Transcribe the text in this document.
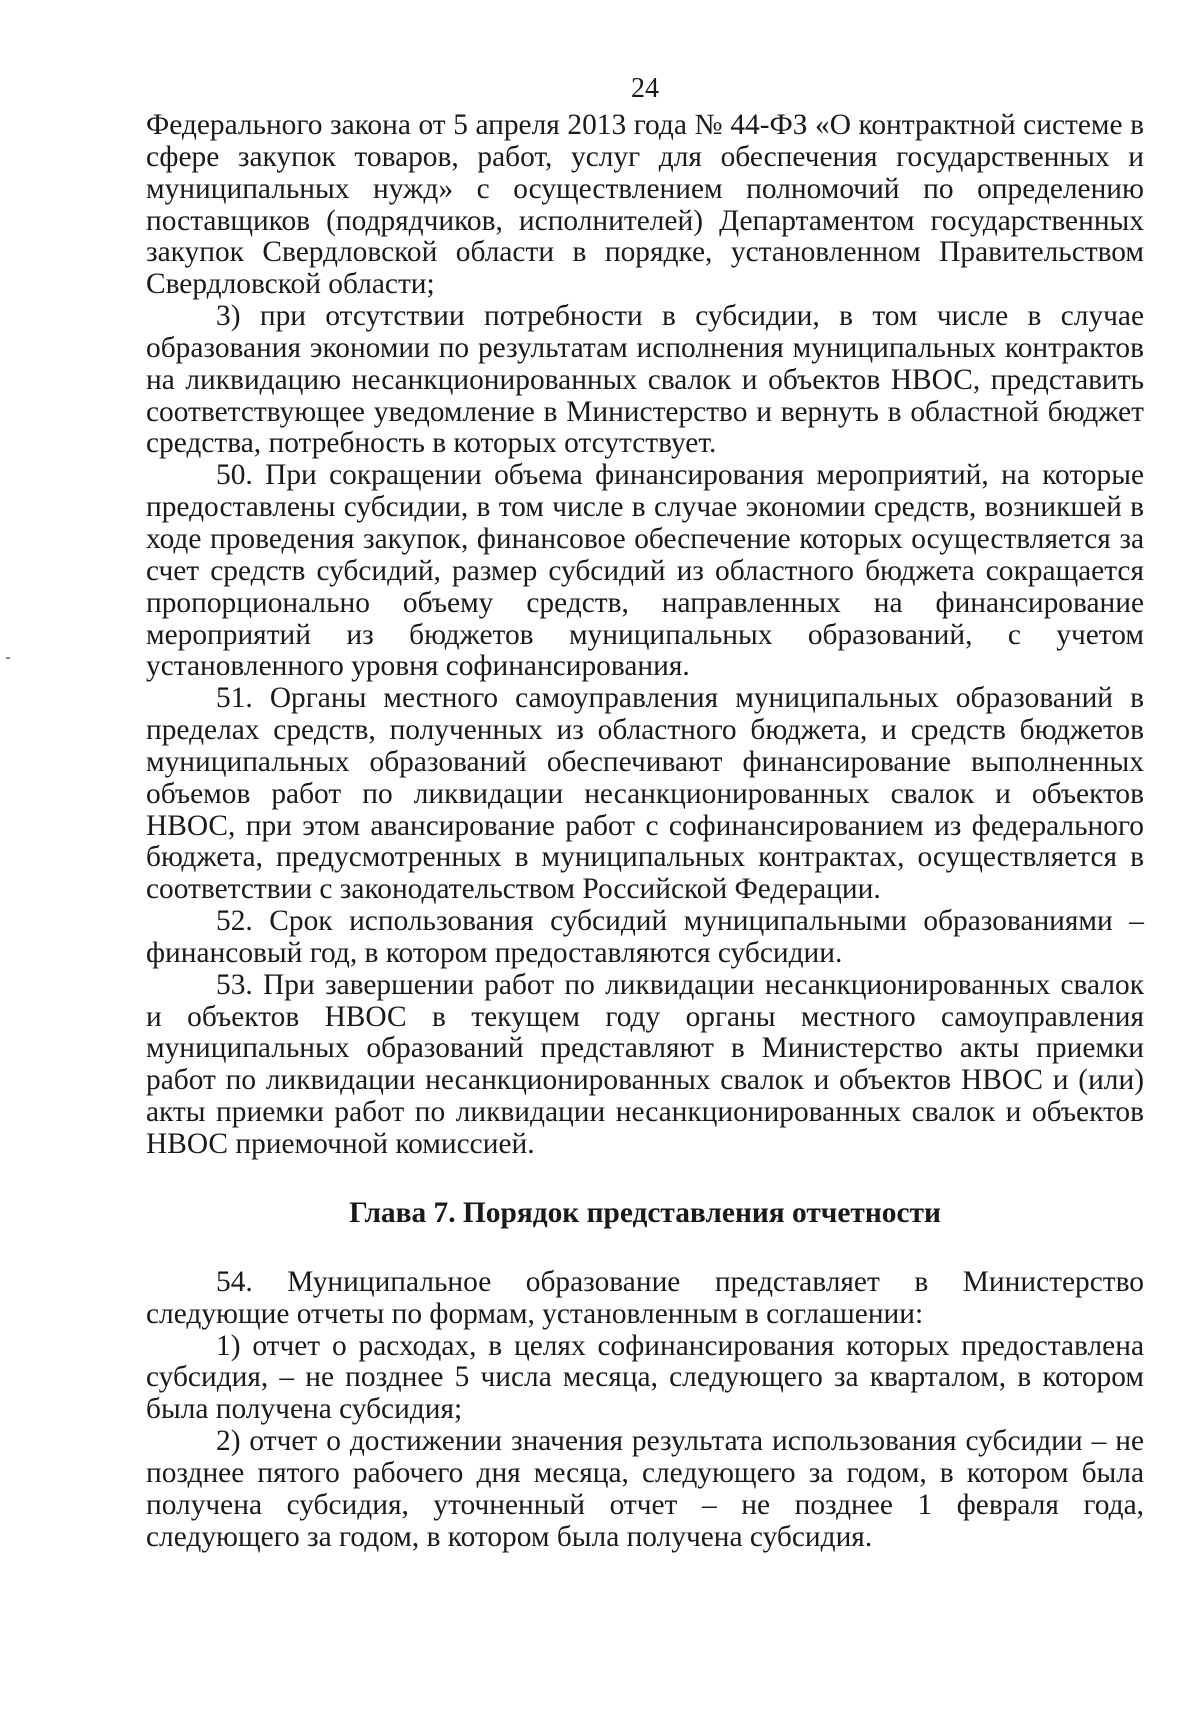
24

Федерального закона от 5 апреля 2013 года № 44-ФЗ «О контрактной системе в сфере закупок товаров, работ, услуг для обеспечения государственных и муниципальных нужд» с осуществлением полномочий по определению поставщиков (подрядчиков, исполнителей) Департаментом государственных закупок Свердловской области в порядке, установленном Правительством Свердловской области;

3) при отсутствии потребности в субсидии, в том числе в случае образования экономии по результатам исполнения муниципальных контрактов на ликвидацию несанкционированных свалок и объектов НВОС, представить соответствующее уведомление в Министерство и вернуть в областной бюджет средства, потребность в которых отсутствует.

50. При сокращении объема финансирования мероприятий, на которые предоставлены субсидии, в том числе в случае экономии средств, возникшей в ходе проведения закупок, финансовое обеспечение которых осуществляется за счет средств субсидий, размер субсидий из областного бюджета сокращается пропорционально объему средств, направленных на финансирование мероприятий из бюджетов муниципальных образований, с учетом установленного уровня софинансирования.

51. Органы местного самоуправления муниципальных образований в пределах средств, полученных из областного бюджета, и средств бюджетов муниципальных образований обеспечивают финансирование выполненных объемов работ по ликвидации несанкционированных свалок и объектов НВОС, при этом авансирование работ с софинансированием из федерального бюджета, предусмотренных в муниципальных контрактах, осуществляется в соответствии с законодательством Российской Федерации.

52. Срок использования субсидий муниципальными образованиями – финансовый год, в котором предоставляются субсидии.

53. При завершении работ по ликвидации несанкционированных свалок и объектов НВОС в текущем году органы местного самоуправления муниципальных образований представляют в Министерство акты приемки работ по ликвидации несанкционированных свалок и объектов НВОС и (или) акты приемки работ по ликвидации несанкционированных свалок и объектов НВОС приемочной комиссией.

Глава 7. Порядок представления отчетности

54. Муниципальное образование представляет в Министерство следующие отчеты по формам, установленным в соглашении:

1) отчет о расходах, в целях софинансирования которых предоставлена субсидия, – не позднее 5 числа месяца, следующего за кварталом, в котором была получена субсидия;

2) отчет о достижении значения результата использования субсидии – не позднее пятого рабочего дня месяца, следующего за годом, в котором была получена субсидия, уточненный отчет – не позднее 1 февраля года, следующего за годом, в котором была получена субсидия.
